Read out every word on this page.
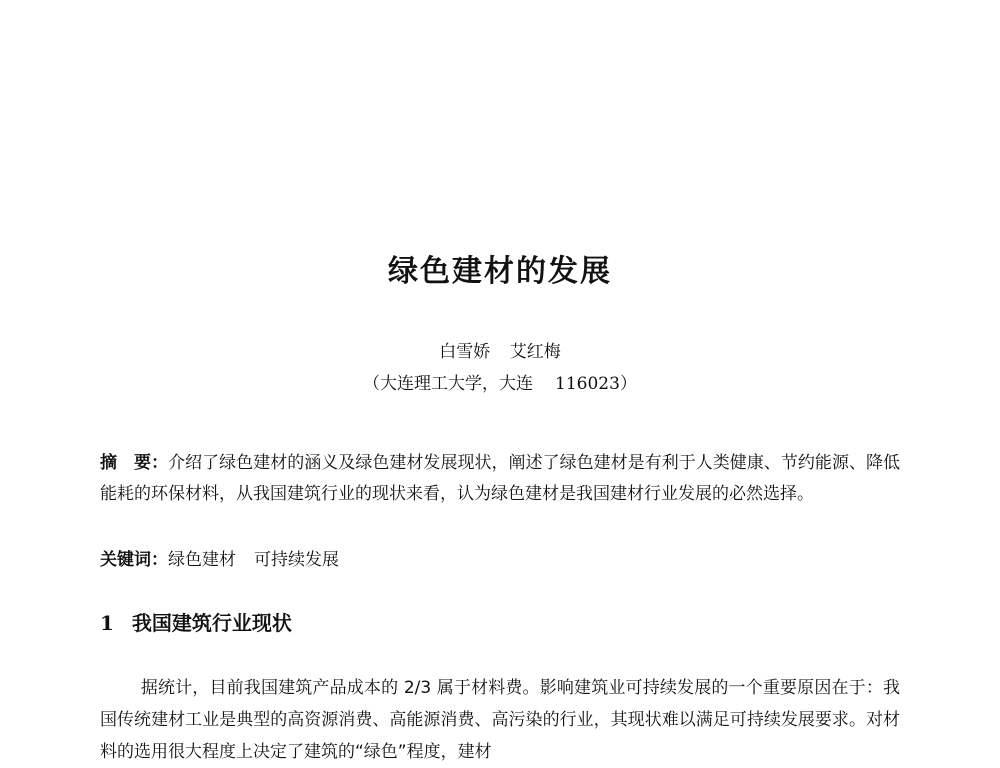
绿色建材的发展
白雪娇 艾红梅
（大连理工大学，大连 116023）
摘　要：介绍了绿色建材的涵义及绿色建材发展现状，阐述了绿色建材是有利于人类健康、节约能源、降低能耗的环保材料，从我国建筑行业的现状来看，认为绿色建材是我国建材行业发展的必然选择。
关键词：绿色建材 可持续发展
1 我国建筑行业现状
据统计，目前我国建筑产品成本的 2/3 属于材料费。影响建筑业可持续发展的一个重要原因在于：我国传统建材工业是典型的高资源消费、高能源消费、高污染的行业，其现状难以满足可持续发展要求。对材料的选用很大程度上决定了建筑的“绿色”程度，建材
